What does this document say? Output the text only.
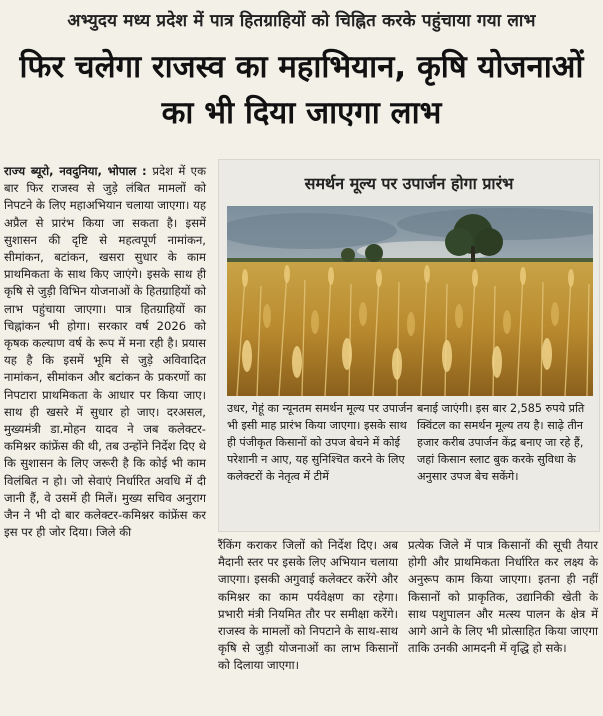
अभ्युदय मध्य प्रदेश में पात्र हितग्राहियों को चिह्नित करके पहुंचाया गया लाभ
फिर चलेगा राजस्व का महाभियान, कृषि योजनाओं का भी दिया जाएगा लाभ
राज्य ब्यूरो, नवदुनिया, भोपाल : प्रदेश में एक बार फिर राजस्व से जुड़े लंबित मामलों को निपटने के लिए महाअभियान चलाया जाएगा। यह अप्रैल से प्रारंभ किया जा सकता है। इसमें सुशासन की दृष्टि से महत्वपूर्ण नामांकन, सीमांकन, बटांकन, खसरा सुधार के काम प्राथमिकता के साथ किए जाएंगे। इसके साथ ही कृषि से जुड़ी विभिन योजनाओं के हितग्राहियों को लाभ पहुंचाया जाएगा। पात्र हितग्राहियों का चिह्नांकन भी होगा। सरकार वर्ष 2026 को कृषक कल्याण वर्ष के रूप में मना रही है। प्रयास यह है कि इसमें भूमि से जुड़े अविवादित नामांकन, सीमांकन और बटांकन के प्रकरणों का निपटारा प्राथमिकता के आधार पर किया जाए। साथ ही खसरे में सुधार हो जाए। दरअसल, मुख्यमंत्री डा.मोहन यादव ने जब कलेक्टर-कमिश्नर कांफ्रेंस की थी, तब उन्होंने निर्देश दिए थे कि सुशासन के लिए जरूरी है कि कोई भी काम विलंबित न हो। जो सेवाएं निर्धारित अवधि में दी जानी हैं, वे उसमें ही मिलें। मुख्य सचिव अनुराग जैन ने भी दो बार कलेक्टर-कमिश्नर कांफ्रेंस कर इस पर ही जोर दिया। जिले की
समर्थन मूल्य पर उपार्जन होगा प्रारंभ
उधर, गेहूं का न्यूनतम समर्थन मूल्य पर उपार्जन भी इसी माह प्रारंभ किया जाएगा। इसके साथ ही पंजीकृत किसानों को उपज बेचने में कोई परेशानी न आए, यह सुनिश्चित करने के लिए कलेक्टरों के नेतृत्व में टीमें
बनाई जाएंगी। इस बार 2,585 रुपये प्रति क्विंटल का समर्थन मूल्य तय है। साढ़े तीन हजार करीब उपार्जन केंद्र बनाए जा रहे हैं, जहां किसान स्लाट बुक करके सुविधा के अनुसार उपज बेच सकेंगे।
रैंकिंग कराकर जिलों को निर्देश दिए। अब मैदानी स्तर पर इसके लिए अभियान चलाया जाएगा। इसकी अगुवाई कलेक्टर करेंगे और कमिश्नर का काम पर्यवेक्षण का रहेगा। प्रभारी मंत्री नियमित तौर पर समीक्षा करेंगे। राजस्व के मामलों को निपटाने के साथ-साथ कृषि से जुड़ी योजनाओं का लाभ किसानों को दिलाया जाएगा।
प्रत्येक जिले में पात्र किसानों की सूची तैयार होगी और प्राथमिकता निर्धारित कर लक्ष्य के अनुरूप काम किया जाएगा। इतना ही नहीं किसानों को प्राकृतिक, उद्यानिकी खेती के साथ पशुपालन और मत्स्य पालन के क्षेत्र में आगे आने के लिए भी प्रोत्साहित किया जाएगा ताकि उनकी आमदनी में वृद्धि हो सके।
